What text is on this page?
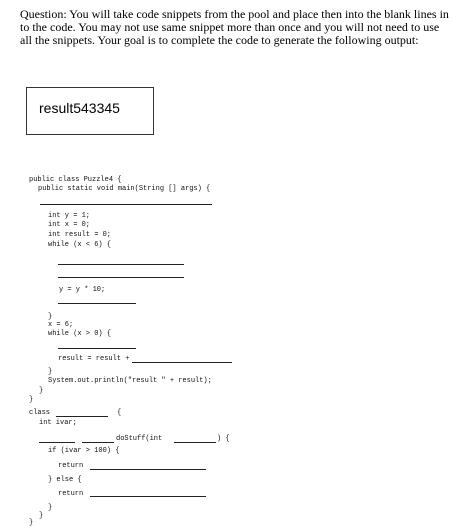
Question: You will take code snippets from the pool and place then into the blank lines in to the code. You may not use same snippet more than once and you will not need to use all the snippets. Your goal is to complete the code to generate the following output:
result543345
public class Puzzle4 {
public static void main(String [] args) {
int y = 1;
int x = 0;
int result = 0;
while (x < 6) {
y = y * 10;
}
x = 6;
while (x > 0) {
result = result +
}
System.out.println("result " + result);
}
}
class	{
int ivar;
doStuff(int	) {
if (ivar > 100) {
return
} else {
return
}
}
}
